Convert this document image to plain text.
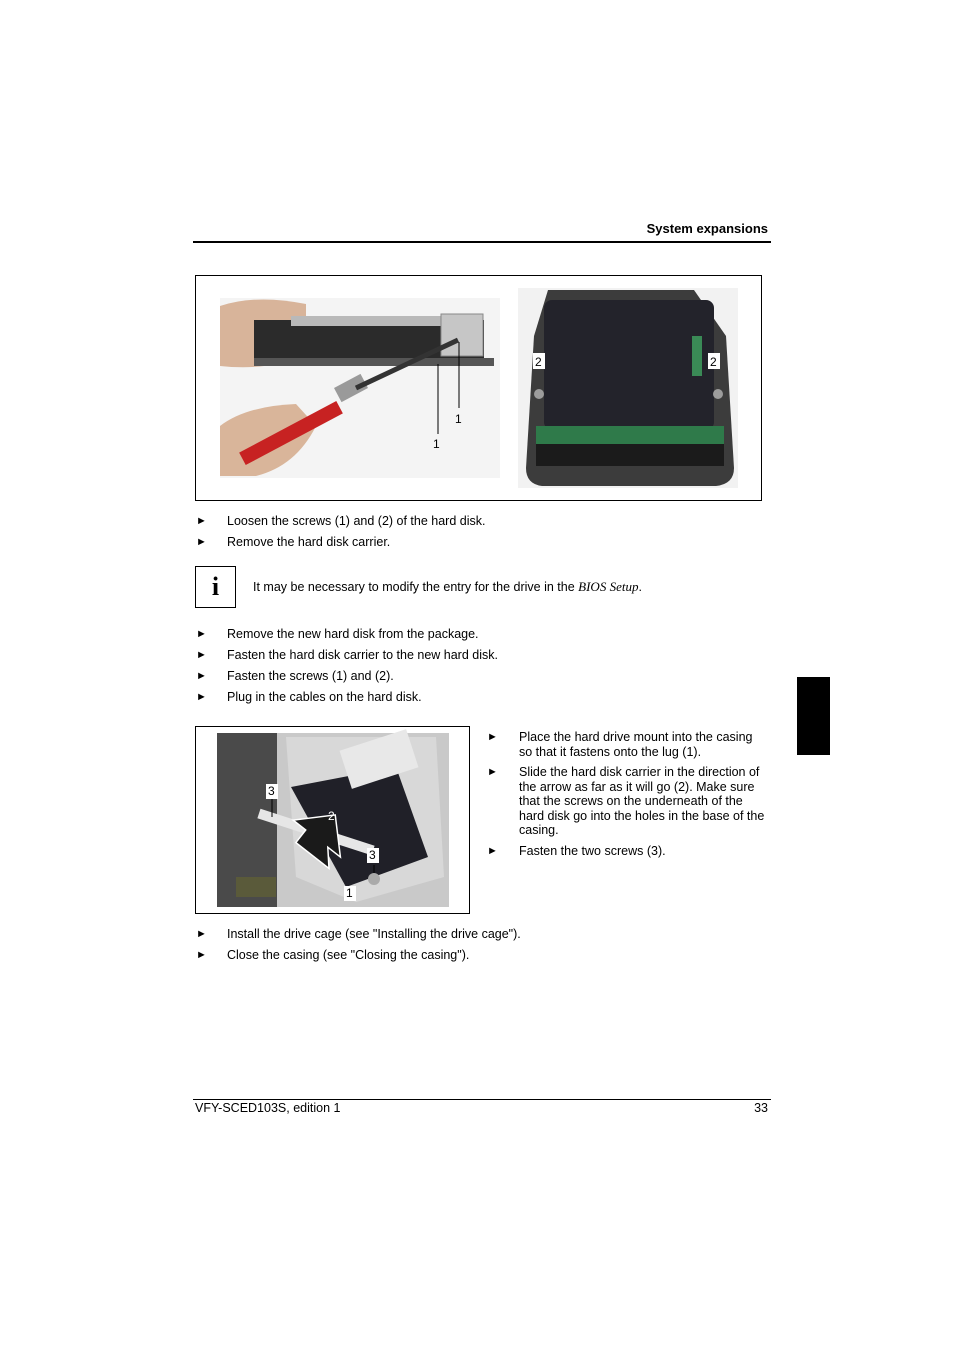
System expansions
1
1
2	2
► Loosen the screws (1) and (2) of the hard disk.
► Remove the hard disk carrier.
i	It may be necessary to modify the entry for the drive in the BIOS Setup.
► Remove the new hard disk from the package.
► Fasten the hard disk carrier to the new hard disk.
► Fasten the screws (1) and (2).
► Plug in the cables on the hard disk.
3
2
3
1
► Place the hard drive mount into the casing so that it fastens onto the lug (1).
► Slide the hard disk carrier in the direction of the arrow as far as it will go (2). Make sure that the screws on the underneath of the hard disk go into the holes in the base of the casing.
► Fasten the two screws (3).
► Install the drive cage (see "Installing the drive cage").
► Close the casing (see "Closing the casing").
VFY-SCED103S, edition 1	33
